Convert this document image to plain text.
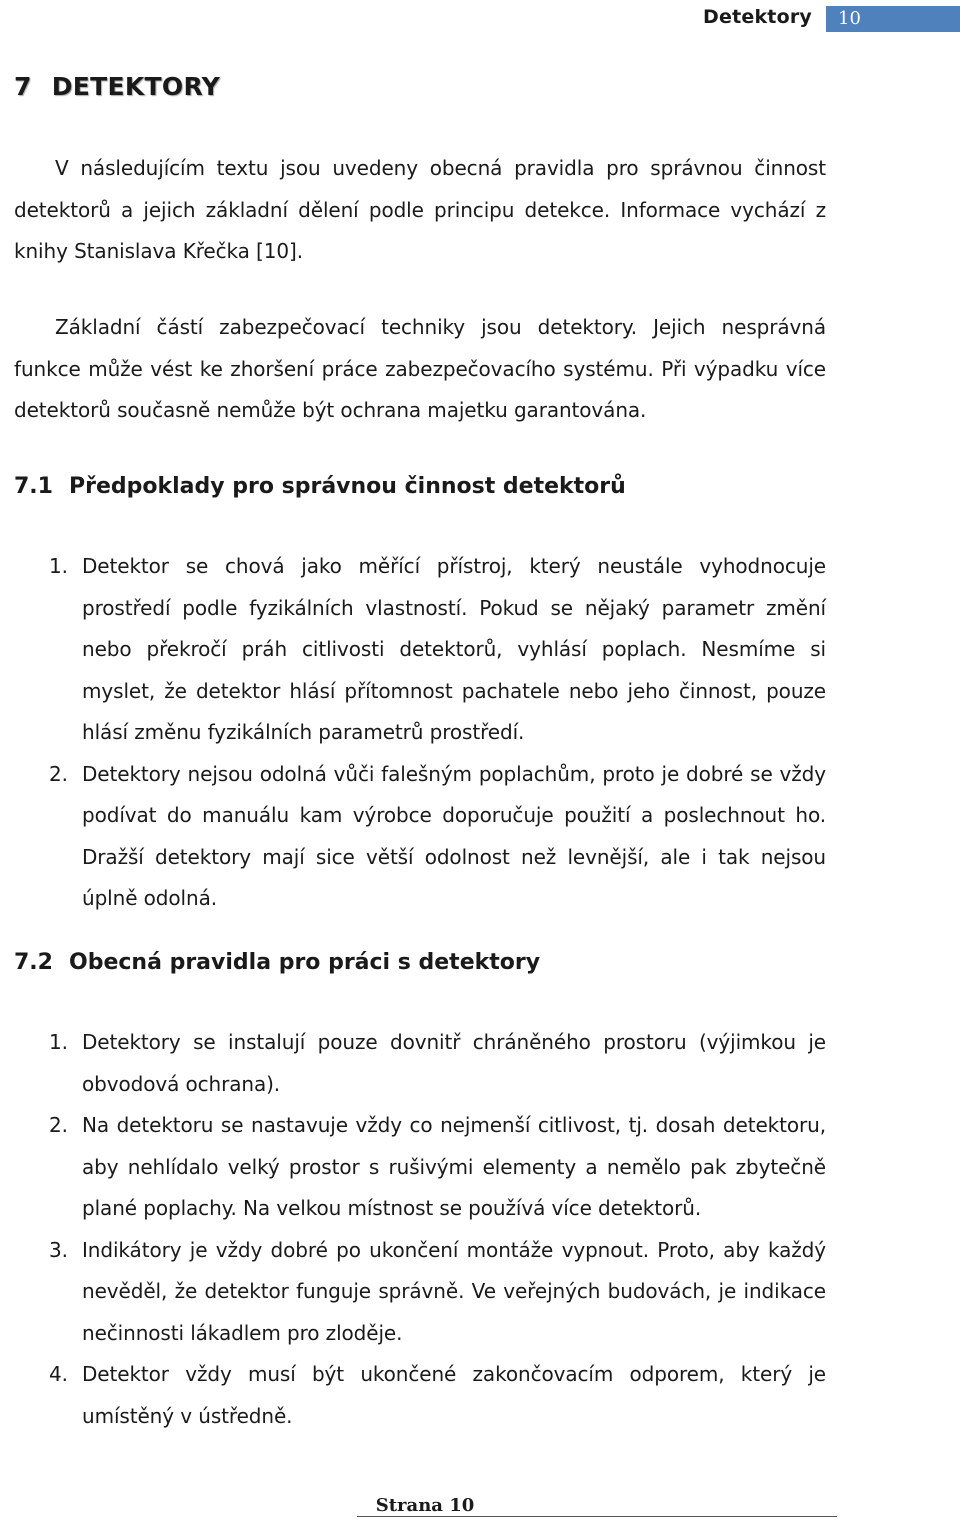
Detektory 10
7 DETEKTORY

V následujícím textu jsou uvedeny obecná pravidla pro správnou činnost detektorů a jejich základní dělení podle principu detekce. Informace vychází z knihy Stanislava Křečka [10].

Základní částí zabezpečovací techniky jsou detektory. Jejich nesprávná funkce může vést ke zhoršení práce zabezpečovacího systému. Při výpadku více detektorů současně nemůže být ochrana majetku garantována.

7.1 Předpoklady pro správnou činnost detektorů
1. Detektor se chová jako měřící přístroj, který neustále vyhodnocuje prostředí podle fyzikálních vlastností. Pokud se nějaký parametr změní nebo překročí práh citlivosti detektorů, vyhlásí poplach. Nesmíme si myslet, že detektor hlásí přítomnost pachatele nebo jeho činnost, pouze hlásí změnu fyzikálních parametrů prostředí.
2. Detektory nejsou odolná vůči falešným poplachům, proto je dobré se vždy podívat do manuálu kam výrobce doporučuje použití a poslechnout ho. Dražší detektory mají sice větší odolnost než levnější, ale i tak nejsou úplně odolná.
7.2 Obecná pravidla pro práci s detektory
1. Detektory se instalují pouze dovnitř chráněného prostoru (výjimkou je obvodová ochrana).
2. Na detektoru se nastavuje vždy co nejmenší citlivost, tj. dosah detektoru, aby nehlídalo velký prostor s rušivými elementy a nemělo pak zbytečně plané poplachy. Na velkou místnost se používá více detektorů.
3. Indikátory je vždy dobré po ukončení montáže vypnout. Proto, aby každý nevěděl, že detektor funguje správně. Ve veřejných budovách, je indikace nečinnosti lákadlem pro zloděje.
4. Detektor vždy musí být ukončené zakončovacím odporem, který je umístěný v ústředně.
Strana 10
